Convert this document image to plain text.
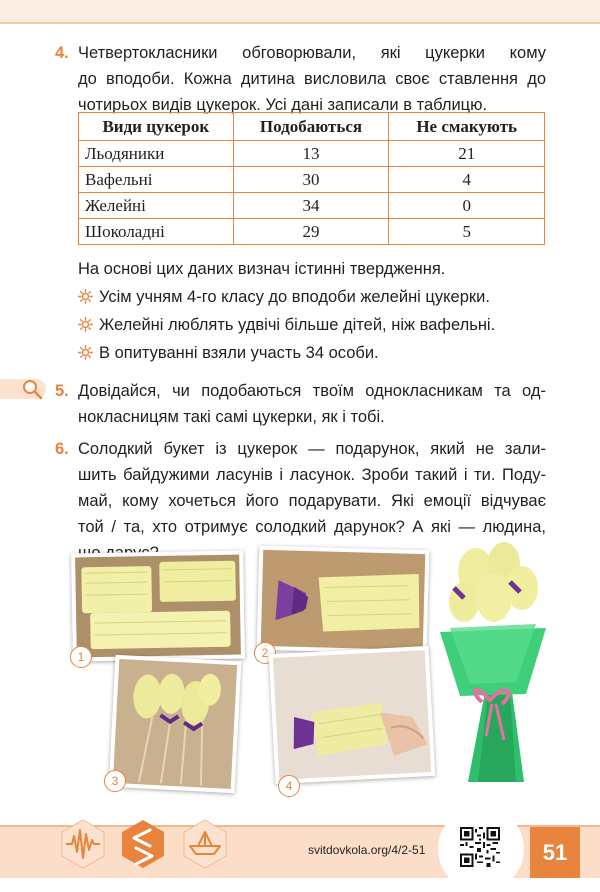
4. Четвертокласники обговорювали, які цукерки кому
до вподоби. Кожна дитина висловила своє ставлення до
чотирьох видів цукерок. Усі дані записали в таблицю.
Види цукерок	Подобаються	Не смакують
Льодяники	13	21
Вафельні	30	4
Желейні	34	0
Шоколадні	29	5
На основі цих даних визнач істинні твердження.
Усім учням 4-го класу до вподоби желейні цукерки.
Желейні люблять удвічі більше дітей, ніж вафельні.
В опитуванні взяли участь 34 особи.
5. Довідайся, чи подобаються твоїм однокласникам та од-
нокласницям такі самі цукерки, як і тобі.
6. Солодкий букет із цукерок — подарунок, який не зали-
шить байдужими ласунів і ласунок. Зроби такий і ти. Поду-
май, кому хочеться його подарувати. Які емоції відчуває
той / та, хто отримує солодкий дарунок? А які — людина,
1	2
3	4
svitdovkola.org/4/2-51	51
